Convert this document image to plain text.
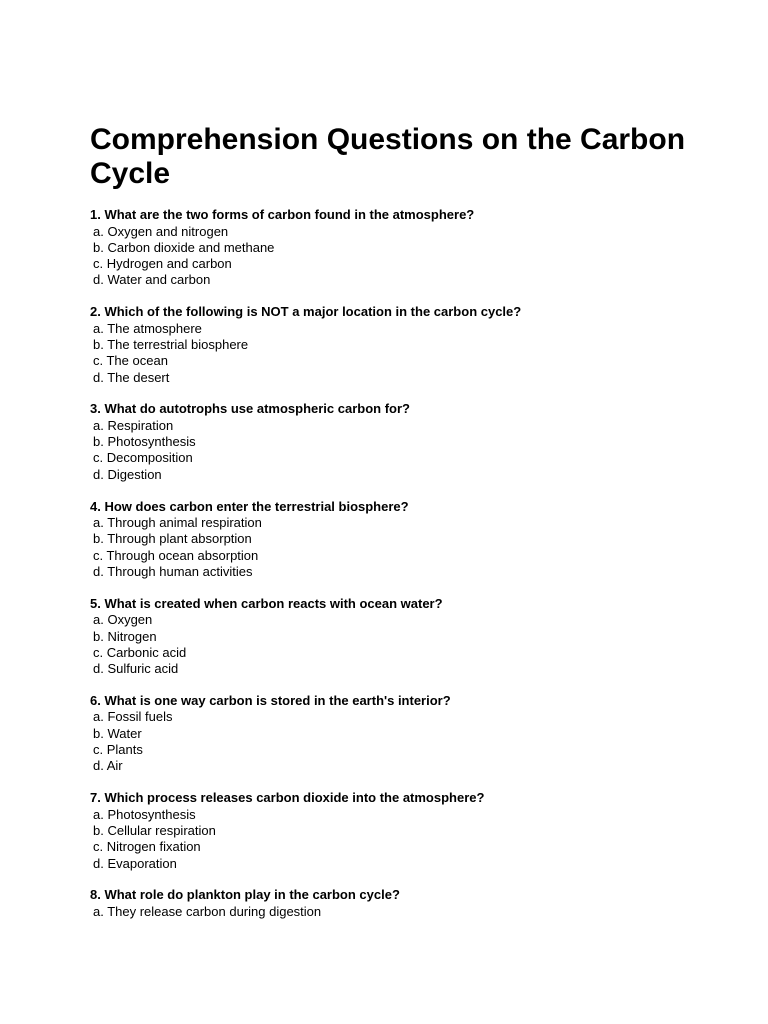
Comprehension Questions on the Carbon Cycle
1. What are the two forms of carbon found in the atmosphere?
a. Oxygen and nitrogen
b. Carbon dioxide and methane
c. Hydrogen and carbon
d. Water and carbon
2. Which of the following is NOT a major location in the carbon cycle?
a. The atmosphere
b. The terrestrial biosphere
c. The ocean
d. The desert
3. What do autotrophs use atmospheric carbon for?
a. Respiration
b. Photosynthesis
c. Decomposition
d. Digestion
4. How does carbon enter the terrestrial biosphere?
a. Through animal respiration
b. Through plant absorption
c. Through ocean absorption
d. Through human activities
5. What is created when carbon reacts with ocean water?
a. Oxygen
b. Nitrogen
c. Carbonic acid
d. Sulfuric acid
6. What is one way carbon is stored in the earth's interior?
a. Fossil fuels
b. Water
c. Plants
d. Air
7. Which process releases carbon dioxide into the atmosphere?
a. Photosynthesis
b. Cellular respiration
c. Nitrogen fixation
d. Evaporation
8. What role do plankton play in the carbon cycle?
a. They release carbon during digestion
